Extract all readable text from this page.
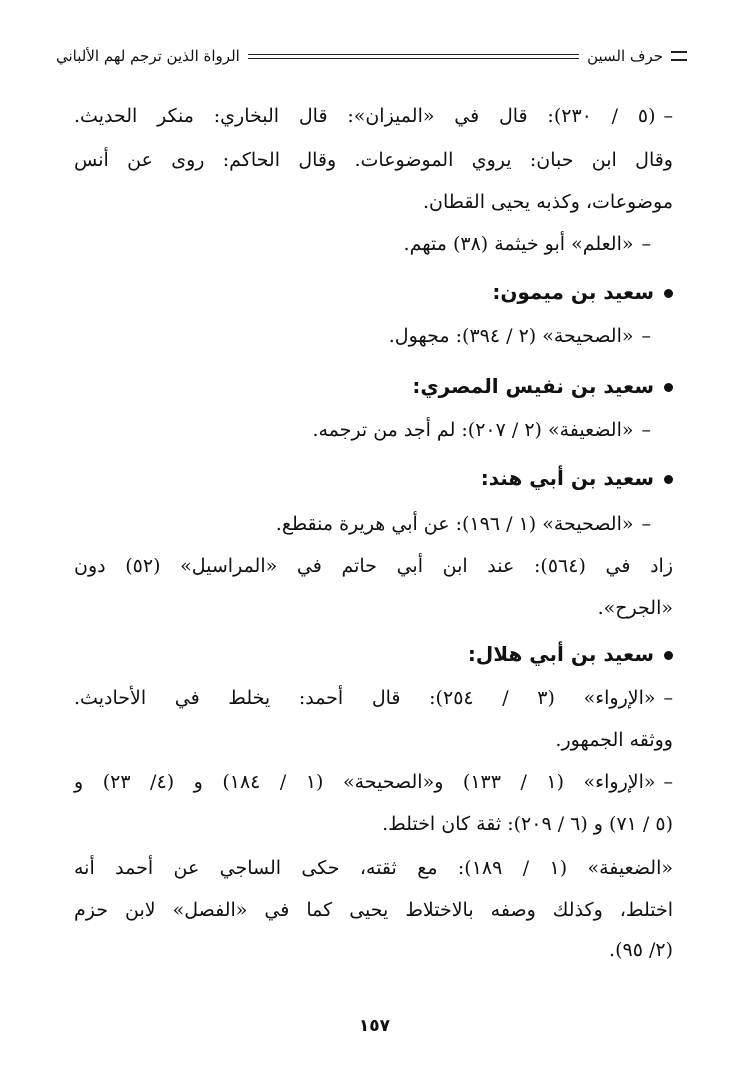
حرف السين
الرواة الذين ترجم لهم الألباني
–(٥ / ٢٣٠): قال في «الميزان»: قال البخاري: منكر الحديث.
وقال ابن حبان: يروي الموضوعات. وقال الحاكم: روى عن أنس
موضوعات، وكذبه يحيى القطان.
–«العلم» أبو خيثمة (٣٨) متهم.
سعيد بن ميمون:
–«الصحيحة» (٢ / ٣٩٤): مجهول.
سعيد بن نفيس المصري:
–«الضعيفة» (٢ / ٢٠٧): لم أجد من ترجمه.
سعيد بن أبي هند:
–«الصحيحة» (١ / ١٩٦): عن أبي هريرة منقطع.
زاد في (٥٦٤): عند ابن أبي حاتم في «المراسيل» (٥٢) دون
«الجرح».
سعيد بن أبي هلال:
–«الإرواء» (٣ / ٢٥٤): قال أحمد: يخلط في الأحاديث.
ووثقه الجمهور.
–«الإرواء» (١ / ١٣٣) و«الصحيحة» (١ / ١٨٤) و (٤/ ٢٣) و
(٥ / ٧١) و (٦ / ٢٠٩): ثقة كان اختلط.
«الضعيفة» (١ / ١٨٩): مع ثقته، حكى الساجي عن أحمد أنه
اختلط، وكذلك وصفه بالاختلاط يحيى كما في «الفصل» لابن حزم
(٢/ ٩٥).
١٥٧
